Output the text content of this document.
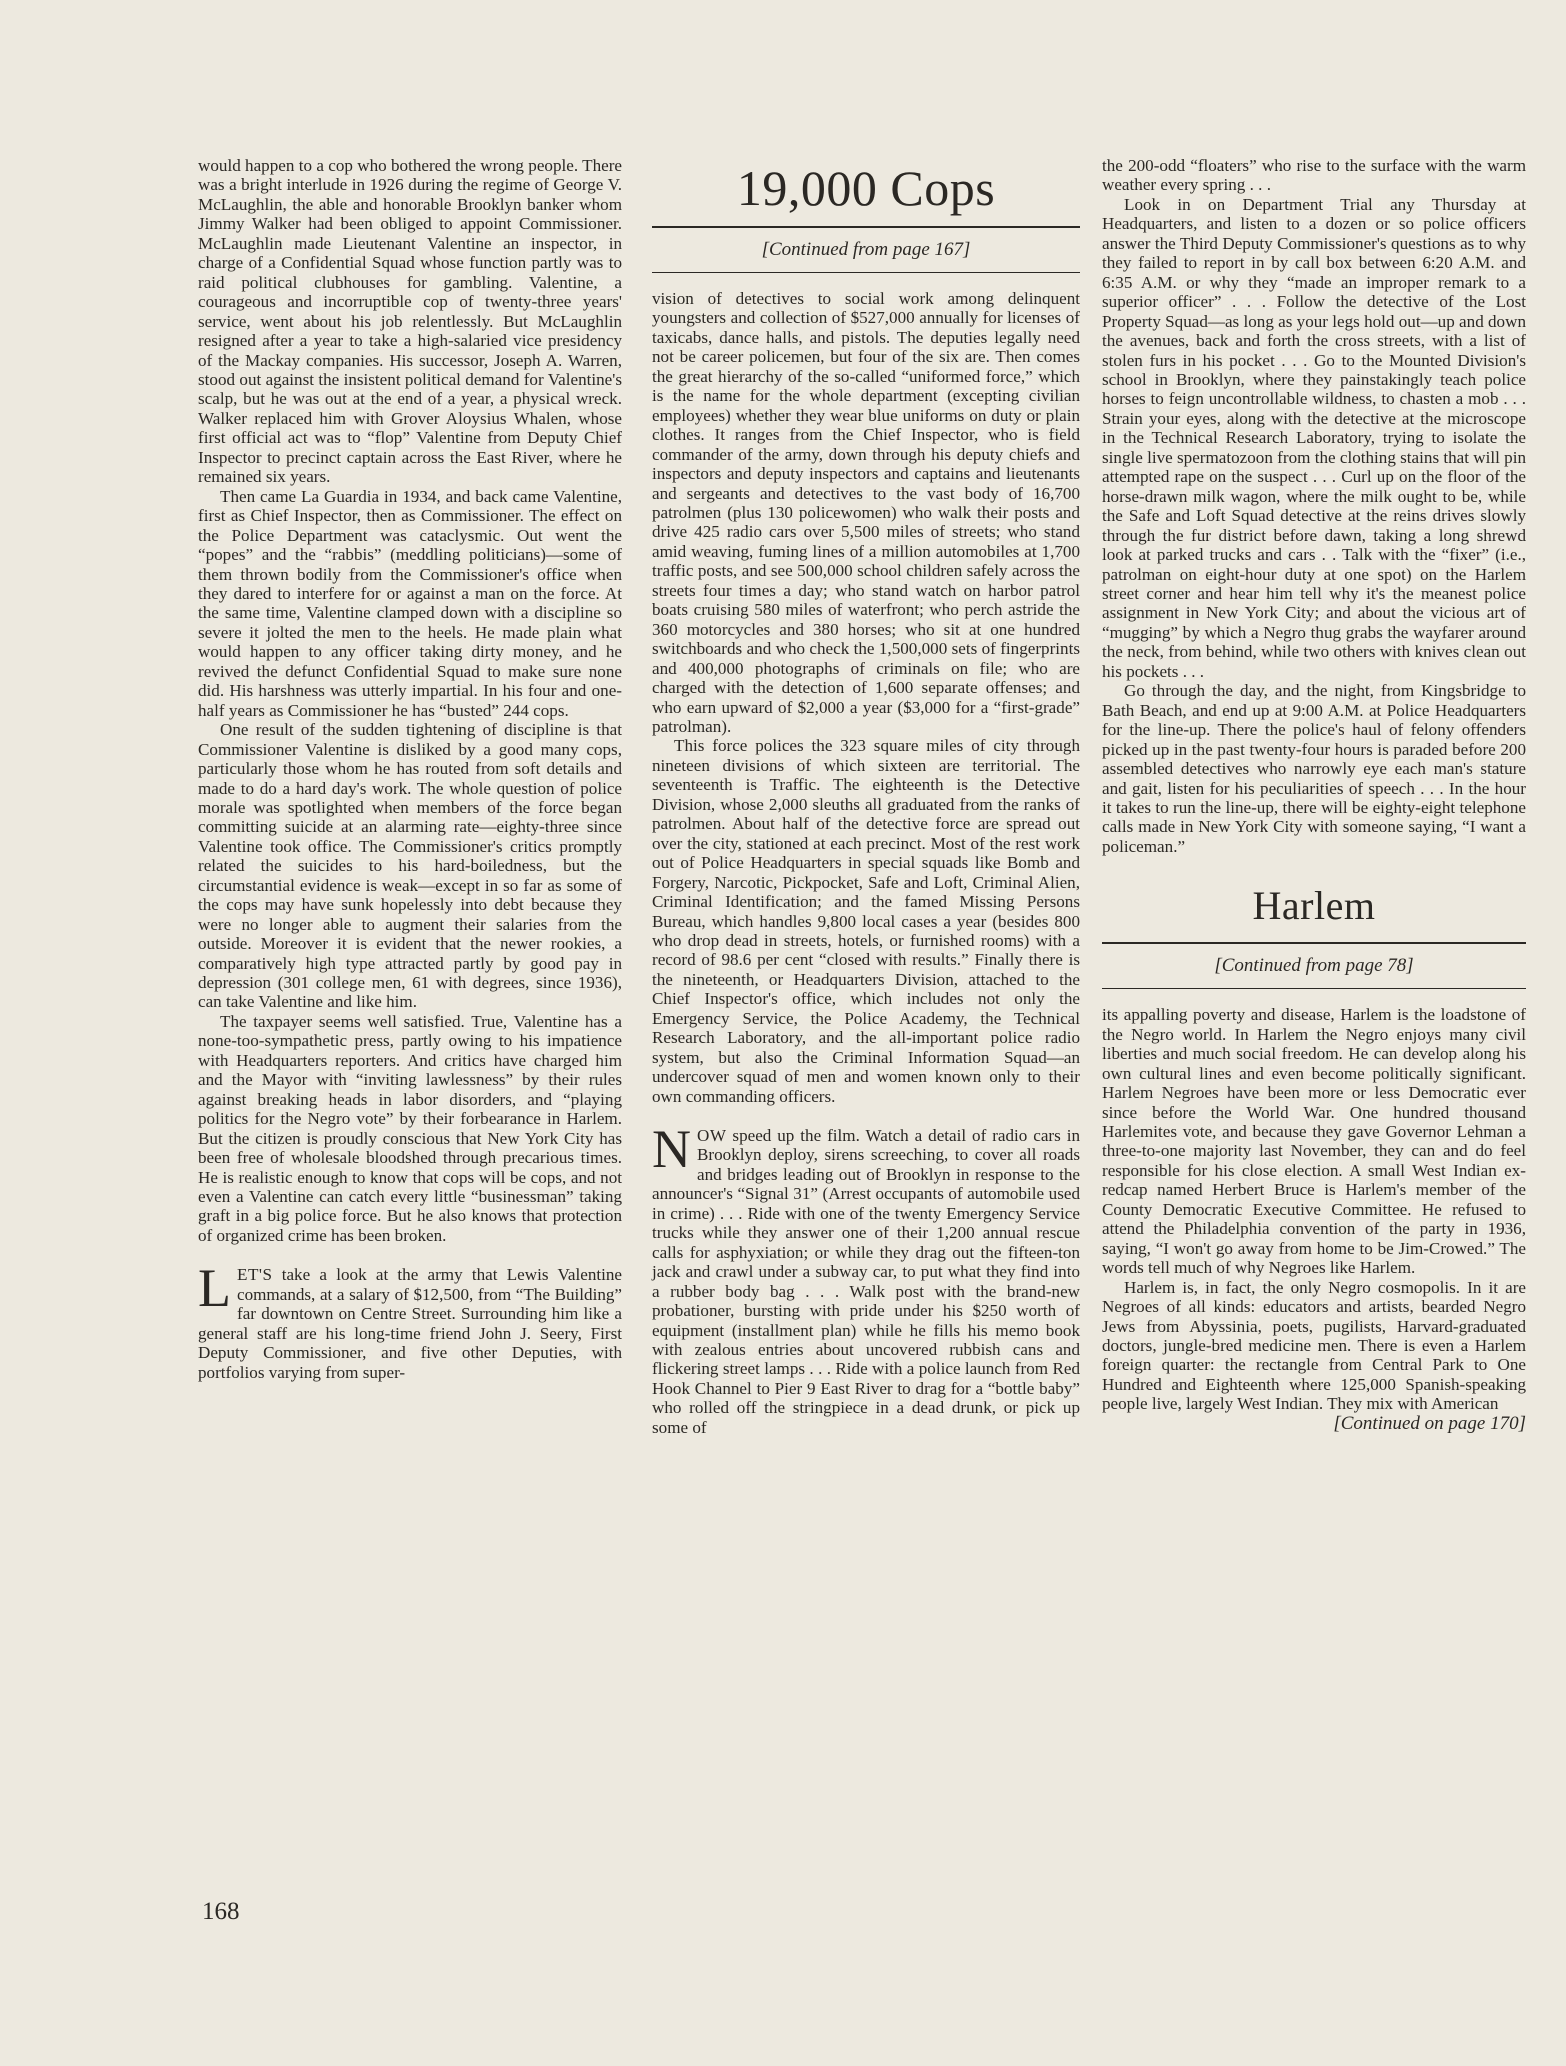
would happen to a cop who bothered the wrong people. There was a bright interlude in 1926 during the regime of George V. McLaughlin, the able and honorable Brooklyn banker whom Jimmy Walker had been obliged to appoint Commissioner. McLaughlin made Lieutenant Valentine an inspector, in charge of a Confidential Squad whose function partly was to raid political clubhouses for gambling. Valentine, a courageous and incorruptible cop of twenty-three years' service, went about his job relentlessly. But McLaughlin resigned after a year to take a high-salaried vice presidency of the Mackay companies. His successor, Joseph A. Warren, stood out against the insistent political demand for Valentine's scalp, but he was out at the end of a year, a physical wreck. Walker replaced him with Grover Aloysius Whalen, whose first official act was to “flop” Valentine from Deputy Chief Inspector to precinct captain across the East River, where he remained six years.

Then came La Guardia in 1934, and back came Valentine, first as Chief Inspector, then as Commissioner. The effect on the Police Department was cataclysmic. Out went the “popes” and the “rabbis” (meddling politicians)—some of them thrown bodily from the Commissioner's office when they dared to interfere for or against a man on the force. At the same time, Valentine clamped down with a discipline so severe it jolted the men to the heels. He made plain what would happen to any officer taking dirty money, and he revived the defunct Confidential Squad to make sure none did. His harshness was utterly impartial. In his four and one-half years as Commissioner he has “busted” 244 cops.

One result of the sudden tightening of discipline is that Commissioner Valentine is disliked by a good many cops, particularly those whom he has routed from soft details and made to do a hard day's work. The whole question of police morale was spotlighted when members of the force began committing suicide at an alarming rate—eighty-three since Valentine took office. The Commissioner's critics promptly related the suicides to his hard-boiledness, but the circumstantial evidence is weak—except in so far as some of the cops may have sunk hopelessly into debt because they were no longer able to augment their salaries from the outside. Moreover it is evident that the newer rookies, a comparatively high type attracted partly by good pay in depression (301 college men, 61 with degrees, since 1936), can take Valentine and like him.

The taxpayer seems well satisfied. True, Valentine has a none-too-sympathetic press, partly owing to his impatience with Headquarters reporters. And critics have charged him and the Mayor with “inviting lawlessness” by their rules against breaking heads in labor disorders, and “playing politics for the Negro vote” by their forbearance in Harlem. But the citizen is proudly conscious that New York City has been free of wholesale bloodshed through precarious times. He is realistic enough to know that cops will be cops, and not even a Valentine can catch every little “businessman” taking graft in a big police force. But he also knows that protection of organized crime has been broken.

LET'S take a look at the army that Lewis Valentine commands, at a salary of $12,500, from “The Building” far downtown on Centre Street. Surrounding him like a general staff are his long-time friend John J. Seery, First Deputy Commissioner, and five other Deputies, with portfolios varying from super-

19,000 Cops

[Continued from page 167]

vision of detectives to social work among delinquent youngsters and collection of $527,000 annually for licenses of taxicabs, dance halls, and pistols. The deputies legally need not be career policemen, but four of the six are. Then comes the great hierarchy of the so-called “uniformed force,” which is the name for the whole department (excepting civilian employees) whether they wear blue uniforms on duty or plain clothes. It ranges from the Chief Inspector, who is field commander of the army, down through his deputy chiefs and inspectors and deputy inspectors and captains and lieutenants and sergeants and detectives to the vast body of 16,700 patrolmen (plus 130 policewomen) who walk their posts and drive 425 radio cars over 5,500 miles of streets; who stand amid weaving, fuming lines of a million automobiles at 1,700 traffic posts, and see 500,000 school children safely across the streets four times a day; who stand watch on harbor patrol boats cruising 580 miles of waterfront; who perch astride the 360 motorcycles and 380 horses; who sit at one hundred switchboards and who check the 1,500,000 sets of fingerprints and 400,000 photographs of criminals on file; who are charged with the detection of 1,600 separate offenses; and who earn upward of $2,000 a year ($3,000 for a “first-grade” patrolman).

This force polices the 323 square miles of city through nineteen divisions of which sixteen are territorial. The seventeenth is Traffic. The eighteenth is the Detective Division, whose 2,000 sleuths all graduated from the ranks of patrolmen. About half of the detective force are spread out over the city, stationed at each precinct. Most of the rest work out of Police Headquarters in special squads like Bomb and Forgery, Narcotic, Pickpocket, Safe and Loft, Criminal Alien, Criminal Identification; and the famed Missing Persons Bureau, which handles 9,800 local cases a year (besides 800 who drop dead in streets, hotels, or furnished rooms) with a record of 98.6 per cent “closed with results.” Finally there is the nineteenth, or Headquarters Division, attached to the Chief Inspector's office, which includes not only the Emergency Service, the Police Academy, the Technical Research Laboratory, and the all-important police radio system, but also the Criminal Information Squad—an undercover squad of men and women known only to their own commanding officers.

NOW speed up the film. Watch a detail of radio cars in Brooklyn deploy, sirens screeching, to cover all roads and bridges leading out of Brooklyn in response to the announcer's “Signal 31” (Arrest occupants of automobile used in crime) . . . Ride with one of the twenty Emergency Service trucks while they answer one of their 1,200 annual rescue calls for asphyxiation; or while they drag out the fifteen-ton jack and crawl under a subway car, to put what they find into a rubber body bag . . . Walk post with the brand-new probationer, bursting with pride under his $250 worth of equipment (installment plan) while he fills his memo book with zealous entries about uncovered rubbish cans and flickering street lamps . . . Ride with a police launch from Red Hook Channel to Pier 9 East River to drag for a “bottle baby” who rolled off the stringpiece in a dead drunk, or pick up some of

the 200-odd “floaters” who rise to the surface with the warm weather every spring . . .

Look in on Department Trial any Thursday at Headquarters, and listen to a dozen or so police officers answer the Third Deputy Commissioner's questions as to why they failed to report in by call box between 6:20 A.M. and 6:35 A.M. or why they “made an improper remark to a superior officer” . . . Follow the detective of the Lost Property Squad—as long as your legs hold out—up and down the avenues, back and forth the cross streets, with a list of stolen furs in his pocket . . . Go to the Mounted Division's school in Brooklyn, where they painstakingly teach police horses to feign uncontrollable wildness, to chasten a mob . . . Strain your eyes, along with the detective at the microscope in the Technical Research Laboratory, trying to isolate the single live spermatozoon from the clothing stains that will pin attempted rape on the suspect . . . Curl up on the floor of the horse-drawn milk wagon, where the milk ought to be, while the Safe and Loft Squad detective at the reins drives slowly through the fur district before dawn, taking a long shrewd look at parked trucks and cars . . Talk with the “fixer” (i.e., patrolman on eight-hour duty at one spot) on the Harlem street corner and hear him tell why it's the meanest police assignment in New York City; and about the vicious art of “mugging” by which a Negro thug grabs the wayfarer around the neck, from behind, while two others with knives clean out his pockets . . .

Go through the day, and the night, from Kingsbridge to Bath Beach, and end up at 9:00 A.M. at Police Headquarters for the line-up. There the police's haul of felony offenders picked up in the past twenty-four hours is paraded before 200 assembled detectives who narrowly eye each man's stature and gait, listen for his peculiarities of speech . . . In the hour it takes to run the line-up, there will be eighty-eight telephone calls made in New York City with someone saying, “I want a policeman.”

Harlem

[Continued from page 78]

its appalling poverty and disease, Harlem is the loadstone of the Negro world. In Harlem the Negro enjoys many civil liberties and much social freedom. He can develop along his own cultural lines and even become politically significant. Harlem Negroes have been more or less Democratic ever since before the World War. One hundred thousand Harlemites vote, and because they gave Governor Lehman a three-to-one majority last November, they can and do feel responsible for his close election. A small West Indian ex-redcap named Herbert Bruce is Harlem's member of the County Democratic Executive Committee. He refused to attend the Philadelphia convention of the party in 1936, saying, “I won't go away from home to be Jim-Crowed.” The words tell much of why Negroes like Harlem.

Harlem is, in fact, the only Negro cosmopolis. In it are Negroes of all kinds: educators and artists, bearded Negro Jews from Abyssinia, poets, pugilists, Harvard-graduated doctors, jungle-bred medicine men. There is even a Harlem foreign quarter: the rectangle from Central Park to One Hundred and Eighteenth where 125,000 Spanish-speaking people live, largely West Indian. They mix with American

[Continued on page 170]

168
